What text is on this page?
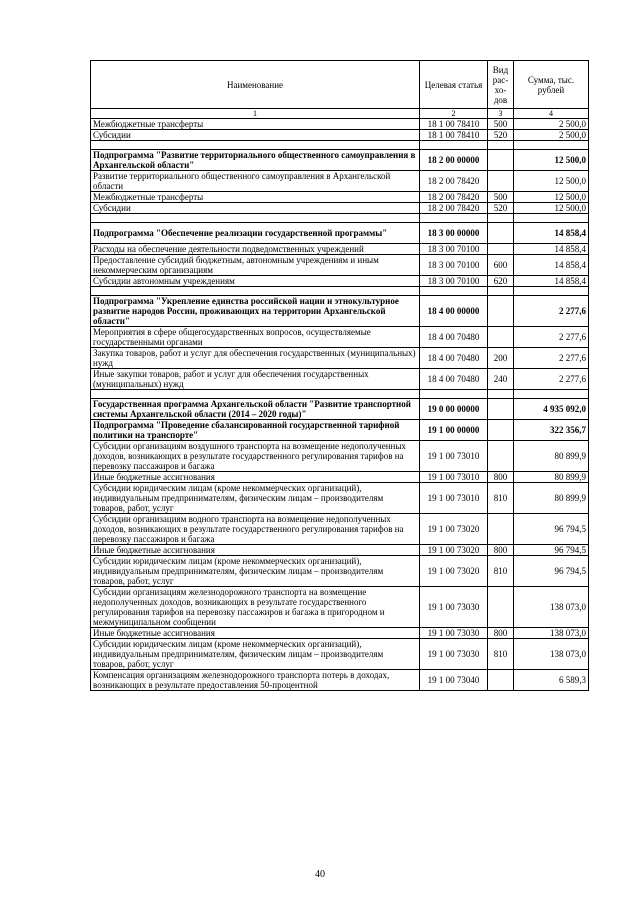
Наименование	Целевая статья	Вид рас-хо-дов	Сумма, тыс. рублей
1	2	3	4
Межбюджетные трансферты	18 1 00 78410	500	2 500,0
Субсидии	18 1 00 78410	520	2 500,0

Подпрограмма "Развитие территориального общественного самоуправления в Архангельской области"	18 2 00 00000		12 500,0
Развитие территориального общественного самоуправления в Архангельской области	18 2 00 78420		12 500,0
Межбюджетные трансферты	18 2 00 78420	500	12 500,0
Субсидии	18 2 00 78420	520	12 500,0

Подпрограмма "Обеспечение реализации государственной программы"	18 3 00 00000		14 858,4
Расходы на обеспечение деятельности подведомственных учреждений	18 3 00 70100		14 858,4
Предоставление субсидий бюджетным, автономным учреждениям и иным некоммерческим организациям	18 3 00 70100	600	14 858,4
Субсидии автономным учреждениям	18 3 00 70100	620	14 858,4

Подпрограмма "Укрепление единства российской нации и этнокультурное развитие народов России, проживающих на территории Архангельской области"	18 4 00 00000		2 277,6
Мероприятия в сфере общегосударственных вопросов, осуществляемые государственными органами	18 4 00 70480		2 277,6
Закупка товаров, работ и услуг для обеспечения государственных (муниципальных) нужд	18 4 00 70480	200	2 277,6
Иные закупки товаров, работ и услуг для обеспечения государственных (муниципальных) нужд	18 4 00 70480	240	2 277,6

Государственная программа Архангельской области "Развитие транспортной системы Архангельской области (2014 – 2020 годы)"	19 0 00 00000		4 935 092,0
Подпрограмма "Проведение сбалансированной государственной тарифной политики на транспорте"	19 1 00 00000		322 356,7
Субсидии организациям воздушного транспорта на возмещение недополученных доходов, возникающих в результате государственного регулирования тарифов на перевозку пассажиров и багажа	19 1 00 73010		80 899,9
Иные бюджетные ассигнования	19 1 00 73010	800	80 899,9
Субсидии юридическим лицам (кроме некоммерческих организаций), индивидуальным предпринимателям, физическим лицам – производителям товаров, работ, услуг	19 1 00 73010	810	80 899,9
Субсидии организациям водного транспорта на возмещение недополученных доходов, возникающих в результате государственного регулирования тарифов на перевозку пассажиров и багажа	19 1 00 73020		96 794,5
Иные бюджетные ассигнования	19 1 00 73020	800	96 794,5
Субсидии юридическим лицам (кроме некоммерческих организаций), индивидуальным предпринимателям, физическим лицам – производителям товаров, работ, услуг	19 1 00 73020	810	96 794,5
Субсидии организациям железнодорожного транспорта на возмещение недополученных доходов, возникающих в результате государственного регулирования тарифов на перевозку пассажиров и багажа в пригородном и межмуниципальном сообщении	19 1 00 73030		138 073,0
Иные бюджетные ассигнования	19 1 00 73030	800	138 073,0
Субсидии юридическим лицам (кроме некоммерческих организаций), индивидуальным предпринимателям, физическим лицам – производителям товаров, работ, услуг	19 1 00 73030	810	138 073,0
Компенсация организациям железнодорожного транспорта потерь в доходах, возникающих в результате предоставления 50-процентной	19 1 00 73040		6 589,3
40
